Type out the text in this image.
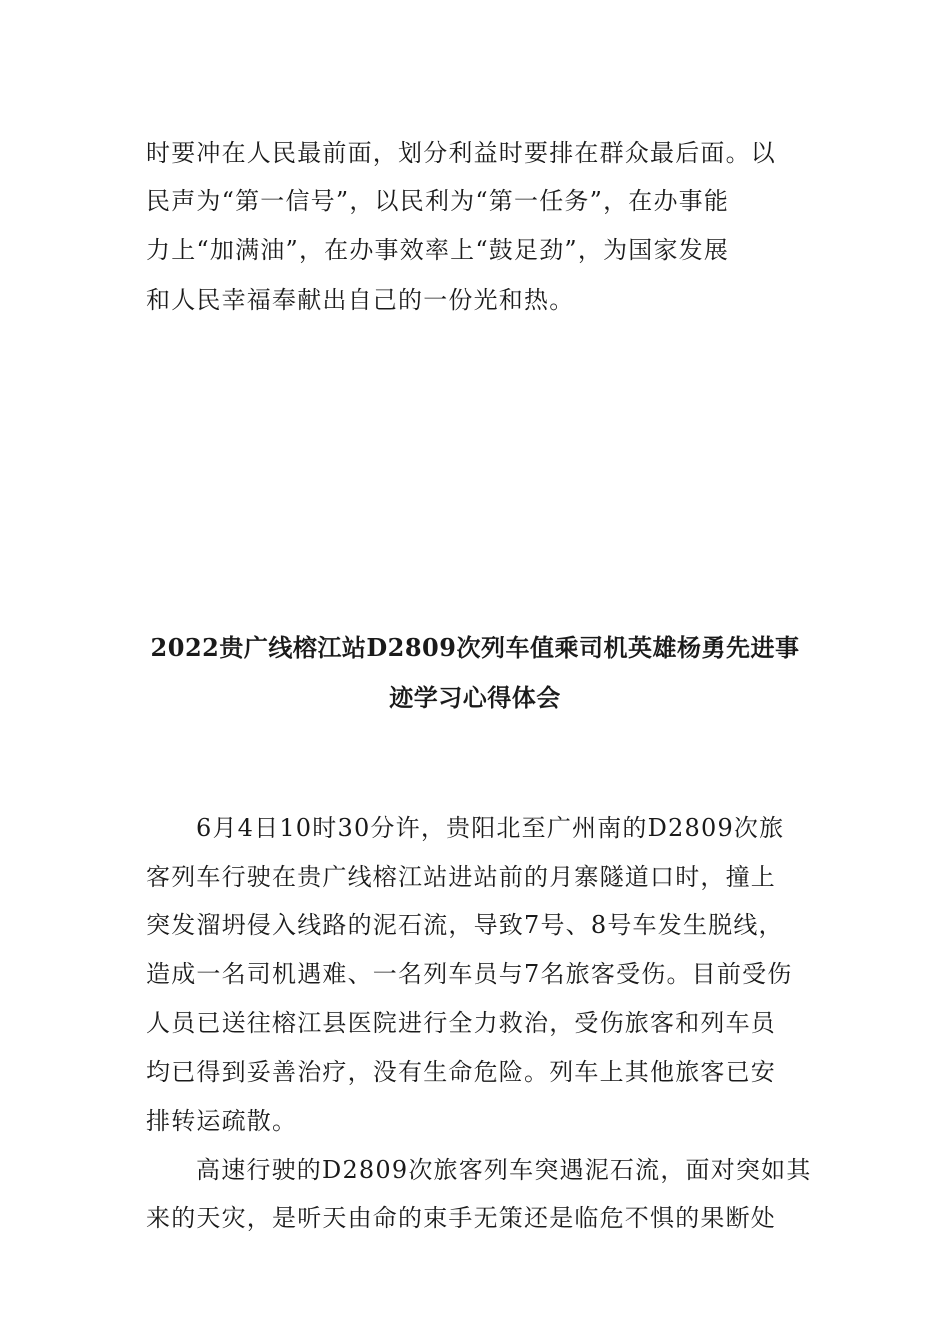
时要冲在人民最前面，划分利益时要排在群众最后面。以
民声为“第一信号”，以民利为“第一任务”，在办事能
力上“加满油”，在办事效率上“鼓足劲”，为国家发展
和人民幸福奉献出自己的一份光和热。
2022贵广线榕江站D2809次列车值乘司机英雄杨勇先进事
迹学习心得体会
6月4日10时30分许，贵阳北至广州南的D2809次旅
客列车行驶在贵广线榕江站进站前的月寨隧道口时，撞上
突发溜坍侵入线路的泥石流，导致7号、8号车发生脱线，
造成一名司机遇难、一名列车员与7名旅客受伤。目前受伤
人员已送往榕江县医院进行全力救治，受伤旅客和列车员
均已得到妥善治疗，没有生命危险。列车上其他旅客已安
排转运疏散。
高速行驶的D2809次旅客列车突遇泥石流，面对突如其
来的天灾，是听天由命的束手无策还是临危不惧的果断处
